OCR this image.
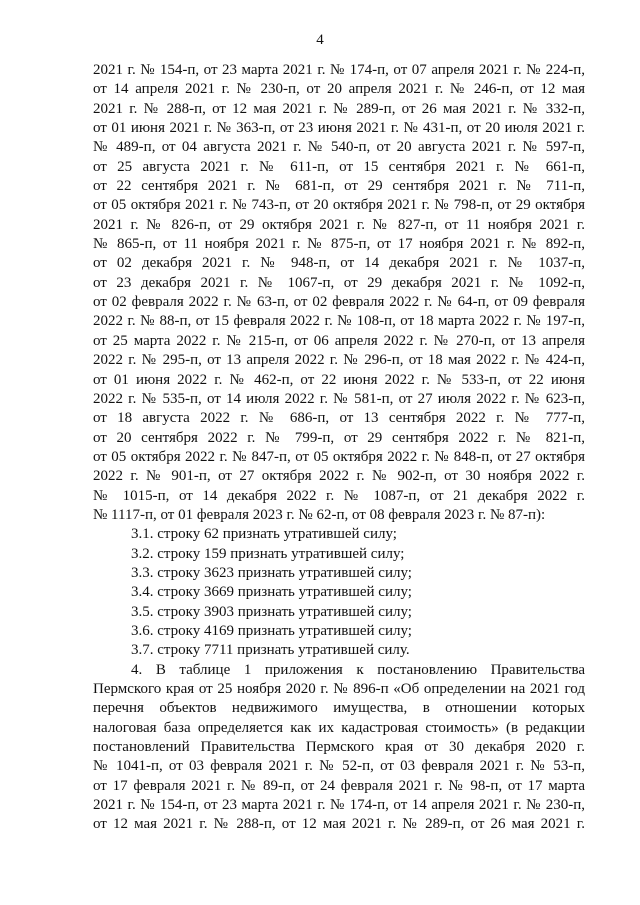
4
2021 г. № 154-п, от 23 марта 2021 г. № 174-п, от 07 апреля 2021 г. № 224-п,
от 14 апреля 2021 г. № 230-п, от 20 апреля 2021 г. № 246-п, от 12 мая
2021 г. № 288-п, от 12 мая 2021 г. № 289-п, от 26 мая 2021 г. № 332-п,
от 01 июня 2021 г. № 363-п, от 23 июня 2021 г. № 431-п, от 20 июля 2021 г.
№ 489-п, от 04 августа 2021 г. № 540-п, от 20 августа 2021 г. № 597-п,
от 25 августа 2021 г. № 611-п, от 15 сентября 2021 г. № 661-п,
от 22 сентября 2021 г. № 681-п, от 29 сентября 2021 г. № 711-п,
от 05 октября 2021 г. № 743-п, от 20 октября 2021 г. № 798-п, от 29 октября
2021 г. № 826-п, от 29 октября 2021 г. № 827-п, от 11 ноября 2021 г.
№ 865-п, от 11 ноября 2021 г. № 875-п, от 17 ноября 2021 г. № 892-п,
от 02 декабря 2021 г. № 948-п, от 14 декабря 2021 г. № 1037-п,
от 23 декабря 2021 г. № 1067-п, от 29 декабря 2021 г. № 1092-п,
от 02 февраля 2022 г. № 63-п, от 02 февраля 2022 г. № 64-п, от 09 февраля
2022 г. № 88-п, от 15 февраля 2022 г. № 108-п, от 18 марта 2022 г. № 197-п,
от 25 марта 2022 г. № 215-п, от 06 апреля 2022 г. № 270-п, от 13 апреля
2022 г. № 295-п, от 13 апреля 2022 г. № 296-п, от 18 мая 2022 г. № 424-п,
от 01 июня 2022 г. № 462-п, от 22 июня 2022 г. № 533-п, от 22 июня
2022 г. № 535-п, от 14 июля 2022 г. № 581-п, от 27 июля 2022 г. № 623-п,
от 18 августа 2022 г. № 686-п, от 13 сентября 2022 г. № 777-п,
от 20 сентября 2022 г. № 799-п, от 29 сентября 2022 г. № 821-п,
от 05 октября 2022 г. № 847-п, от 05 октября 2022 г. № 848-п, от 27 октября
2022 г. № 901-п, от 27 октября 2022 г. № 902-п, от 30 ноября 2022 г.
№ 1015-п, от 14 декабря 2022 г. № 1087-п, от 21 декабря 2022 г.
№ 1117-п, от 01 февраля 2023 г. № 62-п, от 08 февраля 2023 г. № 87-п):
3.1. строку 62 признать утратившей силу;
3.2. строку 159 признать утратившей силу;
3.3. строку 3623 признать утратившей силу;
3.4. строку 3669 признать утратившей силу;
3.5. строку 3903 признать утратившей силу;
3.6. строку 4169 признать утратившей силу;
3.7. строку 7711 признать утратившей силу.
4. В таблице 1 приложения к постановлению Правительства
Пермского края от 25 ноября 2020 г. № 896-п «Об определении на 2021 год
перечня объектов недвижимого имущества, в отношении которых
налоговая база определяется как их кадастровая стоимость» (в редакции
постановлений Правительства Пермского края от 30 декабря 2020 г.
№ 1041-п, от 03 февраля 2021 г. № 52-п, от 03 февраля 2021 г. № 53-п,
от 17 февраля 2021 г. № 89-п, от 24 февраля 2021 г. № 98-п, от 17 марта
2021 г. № 154-п, от 23 марта 2021 г. № 174-п, от 14 апреля 2021 г. № 230-п,
от 12 мая 2021 г. № 288-п, от 12 мая 2021 г. № 289-п, от 26 мая 2021 г.
